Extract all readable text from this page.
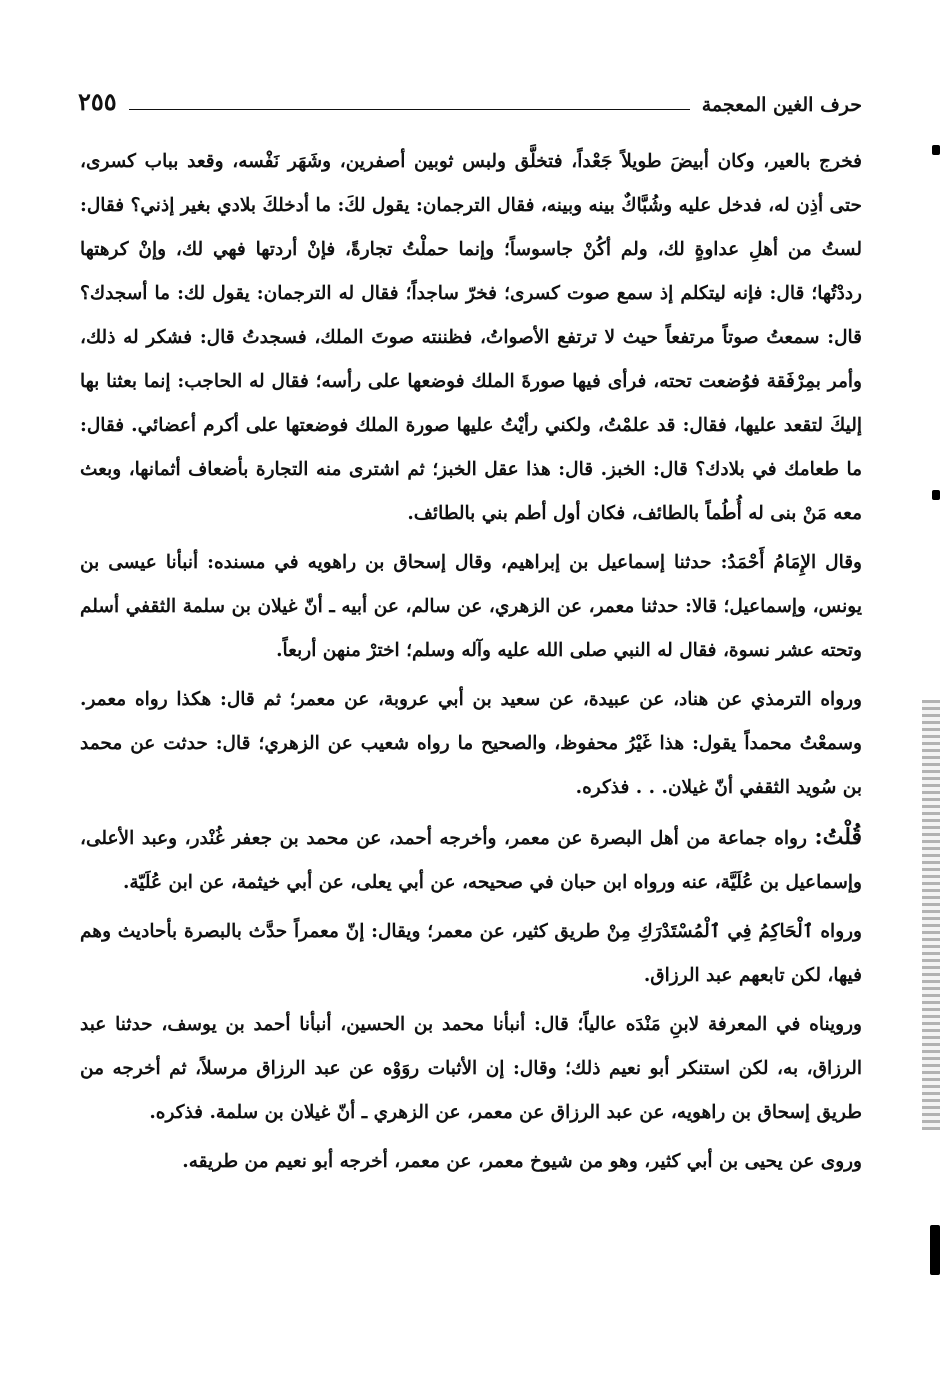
حرف الغين المعجمة
٢٥٥

فخرج بالعير، وكان أبيضَ طويلاً جَعْداً، فتخلَّق ولبس ثوبين أصفرين، وشَهَر نَفْسه، وقعد بباب كسرى، حتى أذِن له، فدخل عليه وشُبَّاكٌ بينه وبينه، فقال الترجمان: يقول لكَ: ما أدخلكَ بلادي بغير إذني؟ فقال: لستُ من أهلِ عداوةٍ لك، ولم أكُنْ جاسوساً؛ وإنما حملْتُ تجارةً، فإنْ أردتها فهي لك، وإنْ كرهتها رددْتُها؛ قال: فإنه ليتكلم إذ سمع صوت كسرى؛ فخرّ ساجداً؛ فقال له الترجمان: يقول لك: ما أسجدك؟ قال: سمعتُ صوتاً مرتفعاً حيث لا ترتفع الأصواتُ، فظننته صوتَ الملك، فسجدتُ قال: فشكر له ذلك، وأمر بمِرْفَقة فوُضعت تحته، فرأى فيها صورةَ الملك فوضعها على رأسه؛ فقال له الحاجب: إنما بعثنا بها إليكَ لتقعد عليها، فقال: قد علمْتُ، ولكني رأيْتُ عليها صورة الملك فوضعتها على أكرم أعضائي. فقال: ما طعامك في بلادك؟ قال: الخبز. قال: هذا عقل الخبز؛ ثم اشترى منه التجارة بأضعاف أثمانها، وبعث معه مَنْ بنى له أُطُماً بالطائف، فكان أول أطم بني بالطائف.

وقال الإِمَامُ أَحْمَدُ: حدثنا إسماعيل بن إبراهيم، وقال إسحاق بن راهويه في مسنده: أنبأنا عيسى بن يونس، وإسماعيل؛ قالا: حدثنا معمر، عن الزهري، عن سالم، عن أبيه ـ أنّ غيلان بن سلمة الثقفي أسلم وتحته عشر نسوة، فقال له النبي صلى الله عليه وآله وسلم؛ اخترْ منهن أربعاً.

ورواه الترمذي عن هناد، عن عبيدة، عن سعيد بن أبي عروبة، عن معمر؛ ثم قال: هكذا رواه معمر. وسمعْتُ محمداً يقول: هذا غَيْرُ محفوظ، والصحيح ما رواه شعيب عن الزهري؛ قال: حدثت عن محمد بن سُويد الثقفي أنّ غيلان. . . فذكره.

قُلْتُ: رواه جماعة من أهل البصرة عن معمر، وأخرجه أحمد، عن محمد بن جعفر غُنْدر، وعبد الأعلى، وإسماعيل بن عُلَيَّة، عنه ورواه ابن حبان في صحيحه، عن أبي يعلى، عن أبي خيثمة، عن ابن عُلَيّة.

ورواه ٱلْحَاكِمُ فِي ٱلْمُسْتَدْرَكِ مِنْ طريق كثير، عن معمر؛ ويقال: إنّ معمراً حدَّث بالبصرة بأحاديث وهم فيها، لكن تابعهم عبد الرزاق.

ورويناه في المعرفة لابنِ مَنْدَه عالياً؛ قال: أنبأنا محمد بن الحسين، أنبأنا أحمد بن يوسف، حدثنا عبد الرزاق، به، لكن استنكر أبو نعيم ذلك؛ وقال: إن الأثبات روَوْه عن عبد الرزاق مرسلاً، ثم أخرجه من طريق إسحاق بن راهويه، عن عبد الرزاق عن معمر، عن الزهري ـ أنّ غيلان بن سلمة. فذكره.

وروى عن يحيى بن أبي كثير، وهو من شيوخ معمر، عن معمر، أخرجه أبو نعيم من طريقه.
